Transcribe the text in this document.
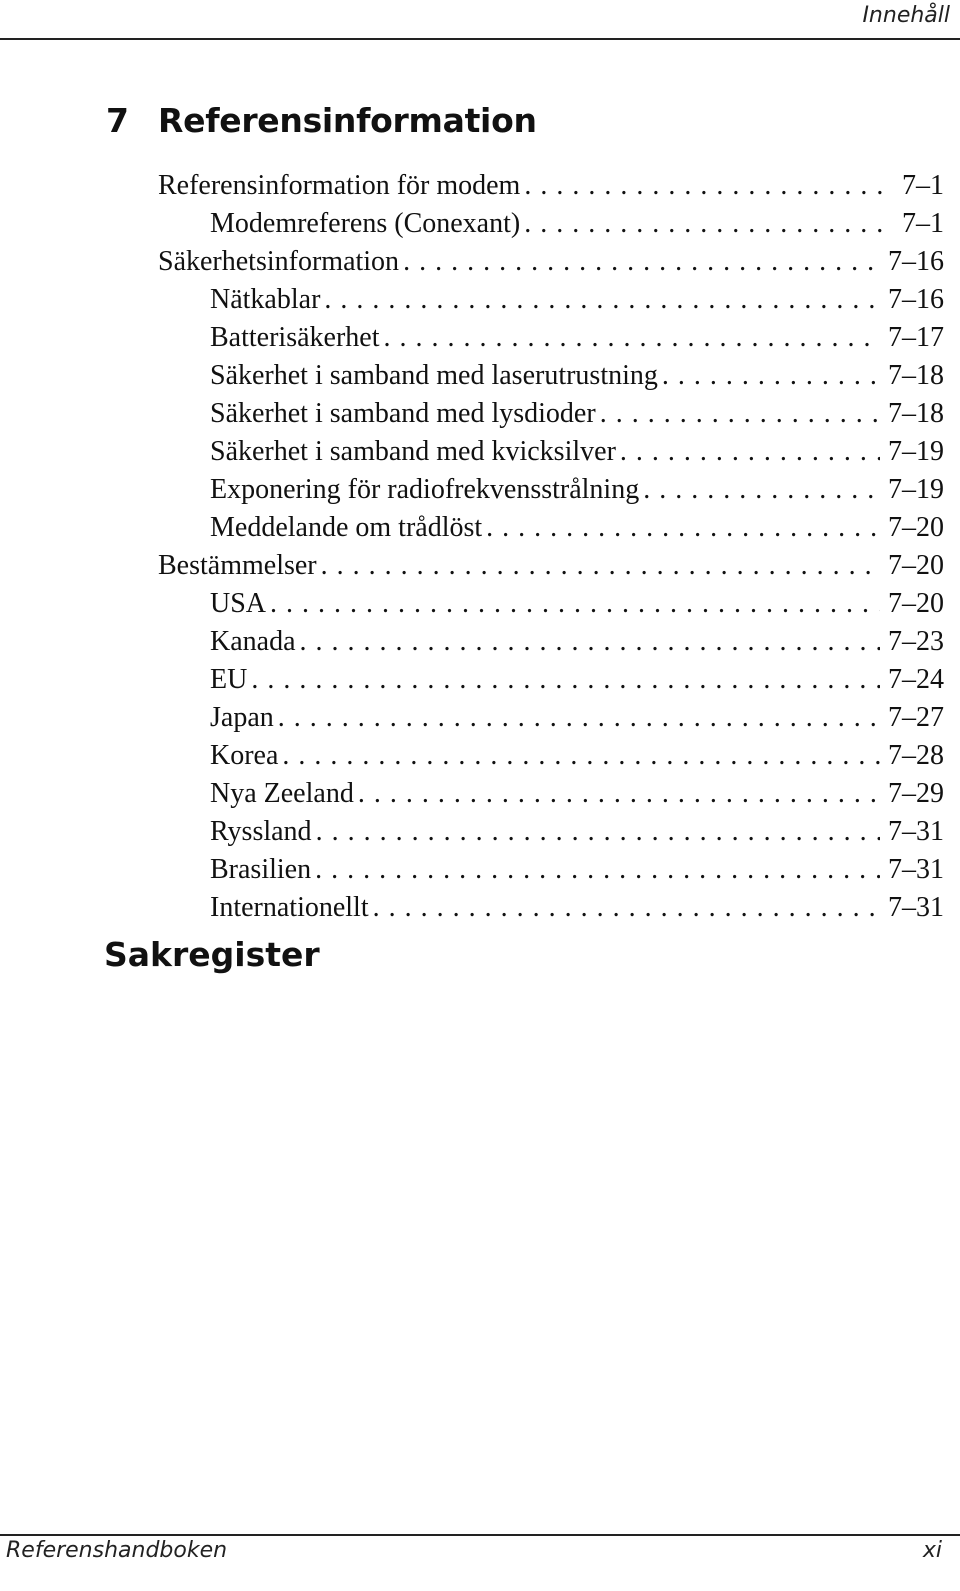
Innehåll
7 Referensinformation
Referensinformation för modem . . .	7–1
Modemreferens (Conexant) . . .	7–1
Säkerhetsinformation . . .	7–16
Nätkablar . . .	7–16
Batterisäkerhet . . .	7–17
Säkerhet i samband med laserutrustning . . .	7–18
Säkerhet i samband med lysdioder . . .	7–18
Säkerhet i samband med kvicksilver . . .	7–19
Exponering för radiofrekvensstrålning . . .	7–19
Meddelande om trådlöst . . .	7–20
Bestämmelser . . .	7–20
USA . . .	7–20
Kanada . . .	7–23
EU . . .	7–24
Japan . . .	7–27
Korea . . .	7–28
Nya Zeeland . . .	7–29
Ryssland . . .	7–31
Brasilien . . .	7–31
Internationellt . . .	7–31
Sakregister
Referenshandboken	xi
